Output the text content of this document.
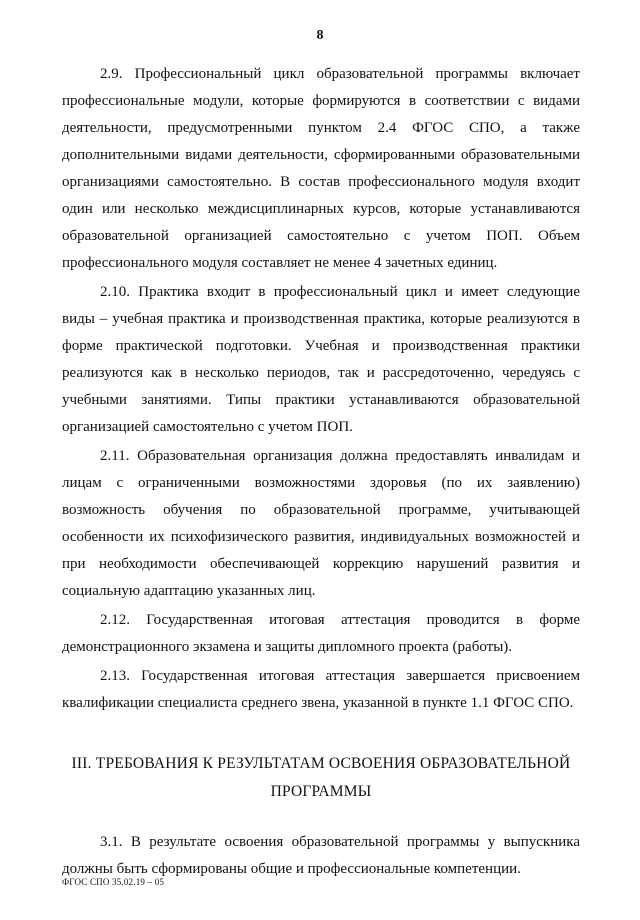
8

2.9. Профессиональный цикл образовательной программы включает профессиональные модули, которые формируются в соответствии с видами деятельности, предусмотренными пунктом 2.4 ФГОС СПО, а также дополнительными видами деятельности, сформированными образовательными организациями самостоятельно. В состав профессионального модуля входит один или несколько междисциплинарных курсов, которые устанавливаются образовательной организацией самостоятельно с учетом ПОП. Объем профессионального модуля составляет не менее 4 зачетных единиц.

2.10. Практика входит в профессиональный цикл и имеет следующие виды – учебная практика и производственная практика, которые реализуются в форме практической подготовки. Учебная и производственная практики реализуются как в несколько периодов, так и рассредоточенно, чередуясь с учебными занятиями. Типы практики устанавливаются образовательной организацией самостоятельно с учетом ПОП.

2.11. Образовательная организация должна предоставлять инвалидам и лицам с ограниченными возможностями здоровья (по их заявлению) возможность обучения по образовательной программе, учитывающей особенности их психофизического развития, индивидуальных возможностей и при необходимости обеспечивающей коррекцию нарушений развития и социальную адаптацию указанных лиц.

2.12. Государственная итоговая аттестация проводится в форме демонстрационного экзамена и защиты дипломного проекта (работы).

2.13. Государственная итоговая аттестация завершается присвоением квалификации специалиста среднего звена, указанной в пункте 1.1 ФГОС СПО.

III. ТРЕБОВАНИЯ К РЕЗУЛЬТАТАМ ОСВОЕНИЯ ОБРАЗОВАТЕЛЬНОЙ
ПРОГРАММЫ

3.1. В результате освоения образовательной программы у выпускника должны быть сформированы общие и профессиональные компетенции.

ФГОС СПО 35.02.19 – 05
